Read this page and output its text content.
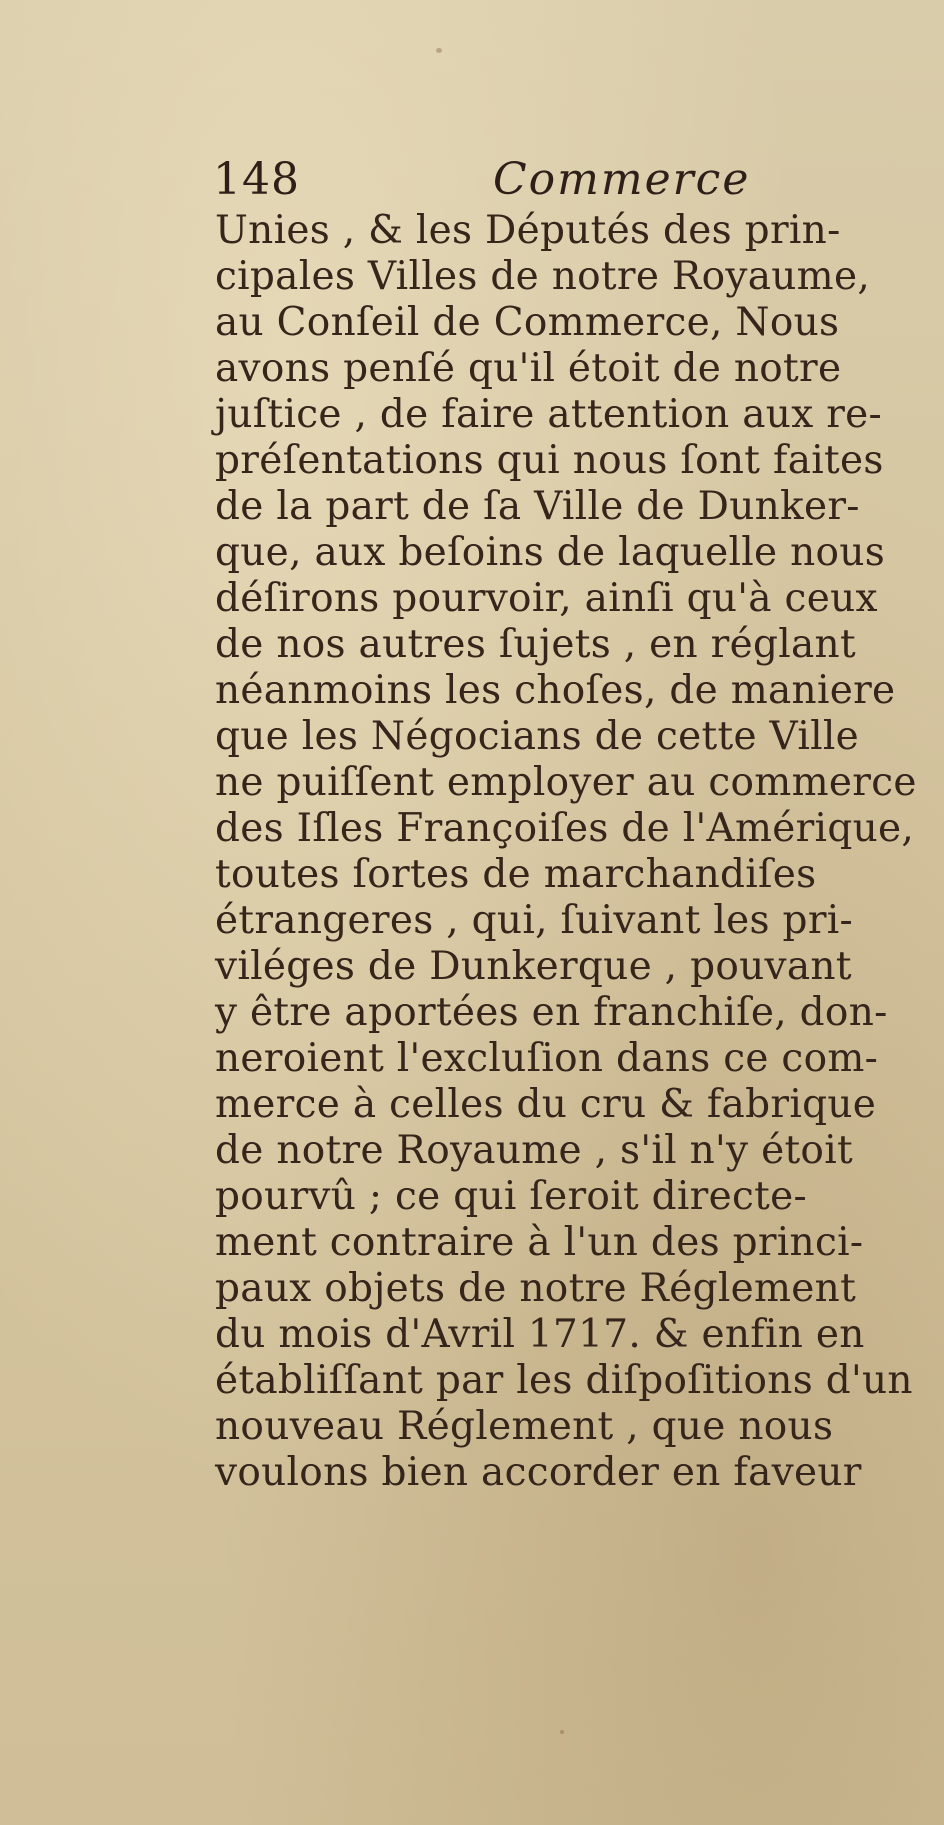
148	Commerce
Unies , & les Députés des prin-
cipales Villes de notre Royaume,
au Conſeil de Commerce, Nous
avons penſé qu'il étoit de notre
juſtice , de faire attention aux re-
préſentations qui nous ſont faites
de la part de ſa Ville de Dunker-
que, aux beſoins de laquelle nous
déſirons pourvoir, ainſi qu'à ceux
de nos autres ſujets , en réglant
néanmoins les choſes, de maniere
que les Négocians de cette Ville
ne puiſſent employer au commerce
des Iſles Françoiſes de l'Amérique,
toutes ſortes de marchandiſes
étrangeres , qui, ſuivant les pri-
viléges de Dunkerque , pouvant
y être aportées en franchiſe, don-
neroient l'excluſion dans ce com-
merce à celles du cru & fabrique
de notre Royaume , s'il n'y étoit
pourvû ; ce qui ſeroit directe-
ment contraire à l'un des princi-
paux objets de notre Réglement
du mois d'Avril 1717. & enfin en
établiſſant par les diſpoſitions d'un
nouveau Réglement , que nous
voulons bien accorder en faveur
